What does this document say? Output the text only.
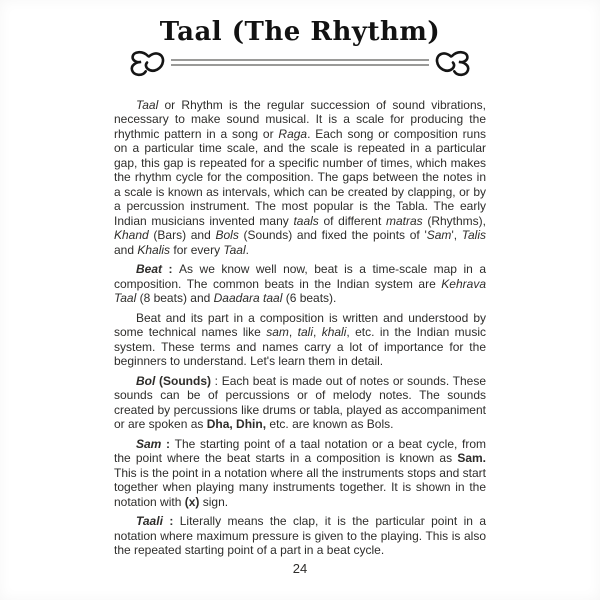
Taal (The Rhythm)

Taal or Rhythm is the regular succession of sound vibrations, necessary to make sound musical. It is a scale for producing the rhythmic pattern in a song or Raga. Each song or composition runs on a particular time scale, and the scale is repeated in a particular gap, this gap is repeated for a specific number of times, which makes the rhythm cycle for the composition. The gaps between the notes in a scale is known as intervals, which can be created by clapping, or by a percussion instrument. The most popular is the Tabla. The early Indian musicians invented many taals of different matras (Rhythms), Khand (Bars) and Bols (Sounds) and fixed the points of 'Sam', Talis and Khalis for every Taal.

Beat : As we know well now, beat is a time-scale map in a composition. The common beats in the Indian system are Kehrava Taal (8 beats) and Daadara taal (6 beats).

Beat and its part in a composition is written and understood by some technical names like sam, tali, khali, etc. in the Indian music system. These terms and names carry a lot of importance for the beginners to understand. Let's learn them in detail.

Bol (Sounds) : Each beat is made out of notes or sounds. These sounds can be of percussions or of melody notes. The sounds created by percussions like drums or tabla, played as accompaniment or are spoken as Dha, Dhin, etc. are known as Bols.

Sam : The starting point of a taal notation or a beat cycle, from the point where the beat starts in a composition is known as Sam. This is the point in a notation where all the instruments stops and start together when playing many instruments together. It is shown in the notation with (x) sign.

Taali : Literally means the clap, it is the particular point in a notation where maximum pressure is given to the playing. This is also the repeated starting point of a part in a beat cycle.

24
